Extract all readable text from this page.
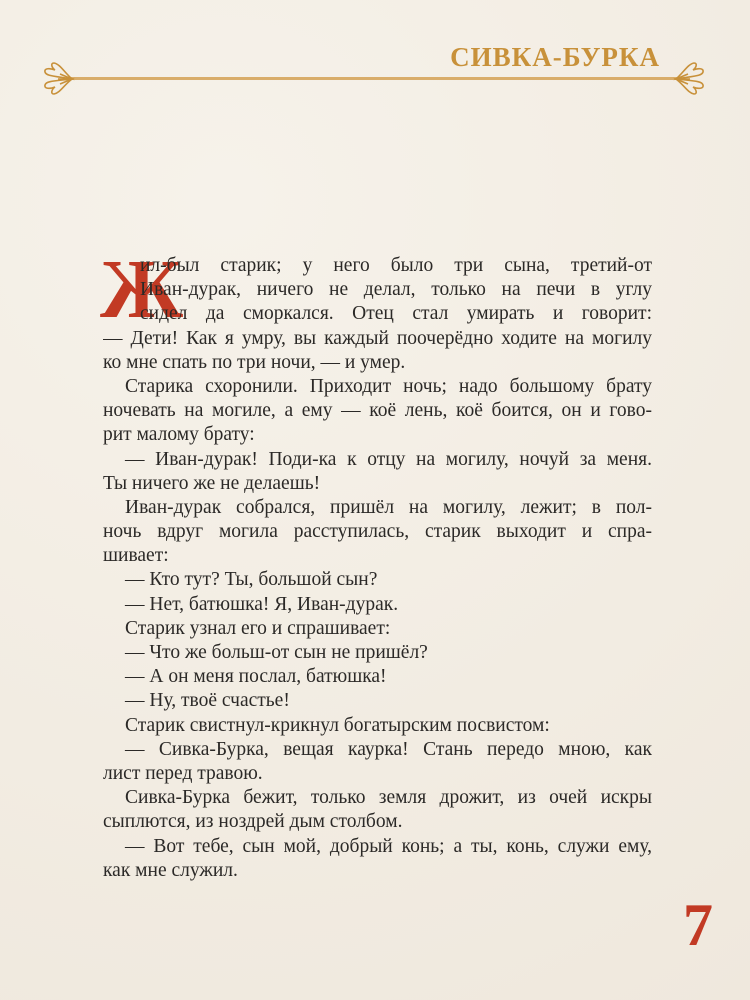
СИВКА-БУРКА
Ж
ил-был старик; у него было три сына, третий-от
Иван-дурак, ничего не делал, только на печи в углу
сидел да сморкался. Отец стал умирать и говорит:
— Дети! Как я умру, вы каждый поочерёдно ходите на могилу
ко мне спать по три ночи, — и умер.
Старика схоронили. Приходит ночь; надо большому брату
ночевать на могиле, а ему — коё лень, коё боится, он и гово-
рит малому брату:
— Иван-дурак! Поди-ка к отцу на могилу, ночуй за меня.
Ты ничего же не делаешь!
Иван-дурак собрался, пришёл на могилу, лежит; в пол-
ночь вдруг могила расступилась, старик выходит и спра-
шивает:
— Кто тут? Ты, большой сын?
— Нет, батюшка! Я, Иван-дурак.
Старик узнал его и спрашивает:
— Что же больш-от сын не пришёл?
— А он меня послал, батюшка!
— Ну, твоё счастье!
Старик свистнул-крикнул богатырским посвистом:
— Сивка-Бурка, вещая каурка! Стань передо мною, как
лист перед травою.
Сивка-Бурка бежит, только земля дрожит, из очей искры
сыплются, из ноздрей дым столбом.
— Вот тебе, сын мой, добрый конь; а ты, конь, служи ему,
как мне служил.
7
